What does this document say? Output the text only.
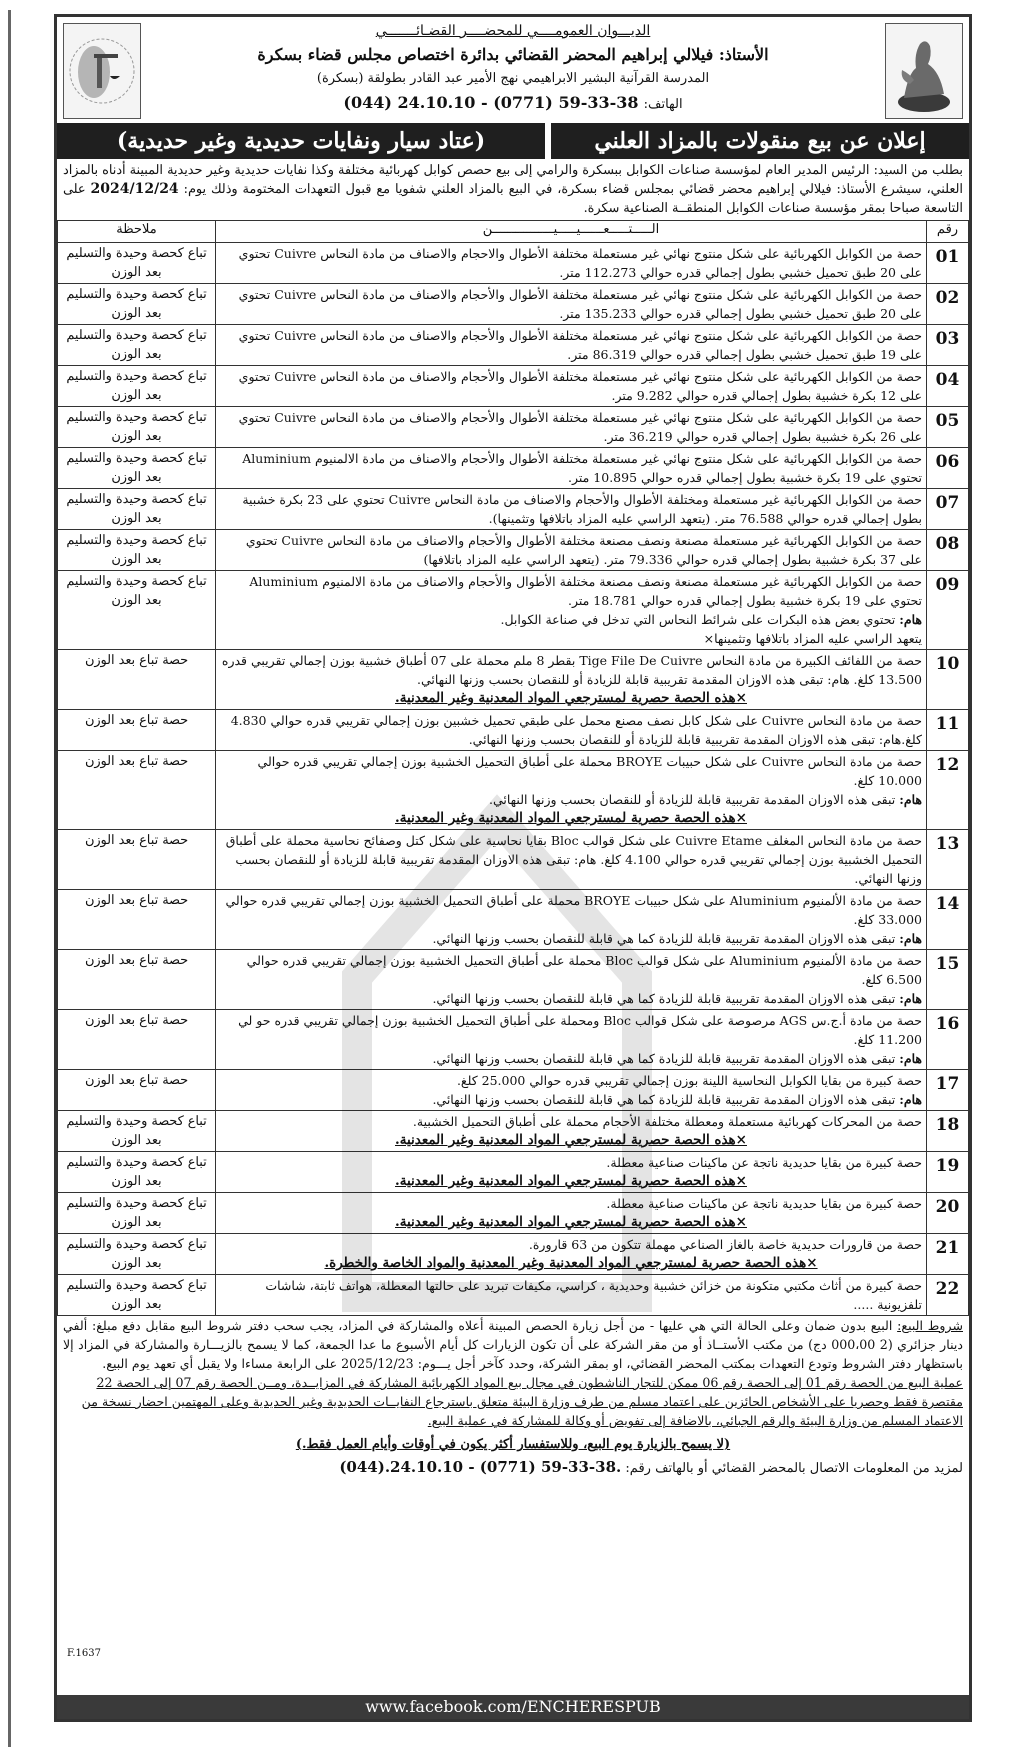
الديـــوان العمومــــي للمحضــــر القضـائـــــــي
الأستاذ: فيلالي إبراهيم المحضر القضائي بدائرة اختصاص مجلس قضاء بسكرة
المدرسة القرآنية البشير الابراهيمي نهج الأمير عبد القادر بطولقة (بسكرة)
الهاتف: (044) 24.10.10 - (0771) 59-33-38
إعلان عن بيع منقولات بالمزاد العلني
(عتاد سيار ونفايات حديدية وغير حديدية)
بطلب من السيد: الرئيس المدير العام لمؤسسة صناعات الكوابل ببسكرة والرامي إلى بيع حصص كوابل كهربائية مختلفة وكذا نفايات حديدية وغير حديدية المبينة أدناه بالمزاد العلني، سيشرع الأستاذ: فيلالي إبراهيم محضر قضائي بمجلس قضاء بسكرة، في البيع بالمزاد العلني شفويا مع قبول التعهدات المختومة وذلك يوم: 2024/12/24 على التاسعة صباحا بمقر مؤسسة صناعات الكوابل المنطقــة الصناعية سكرة.
رقم	الـــــتـــــعــــــيـــــيــــــــــــــــن	ملاحظة
01	حصة من الكوابل الكهربائية على شكل منتوج نهائي غير مستعملة مختلفة الأطوال والاحجام والاصناف من مادة النحاس Cuivre تحتوي على 20 طبق تحميل خشبي بطول إجمالي قدره حوالي 112.273 متر.	تباع كحصة وحيدة والتسليم بعد الوزن
02	حصة من الكوابل الكهربائية على شكل منتوج نهائي غير مستعملة مختلفة الأطوال والأحجام والاصناف من مادة النحاس Cuivre تحتوي على 20 طبق تحميل خشبي بطول إجمالي قدره حوالي 135.233 متر.	تباع كحصة وحيدة والتسليم بعد الوزن
03	حصة من الكوابل الكهربائية على شكل منتوج نهائي غير مستعملة مختلفة الأطوال والأحجام والاصناف من مادة النحاس Cuivre تحتوي على 19 طبق تحميل خشبي بطول إجمالي قدره حوالي 86.319 متر.	تباع كحصة وحيدة والتسليم بعد الوزن
04	حصة من الكوابل الكهربائية على شكل منتوج نهائي غير مستعملة مختلفة الأطوال والأحجام والاصناف من مادة النحاس Cuivre تحتوي على 12 بكرة خشبية بطول إجمالي قدره حوالي 9.282 متر.	تباع كحصة وحيدة والتسليم بعد الوزن
05	حصة من الكوابل الكهربائية على شكل منتوج نهائي غير مستعملة مختلفة الأطوال والأحجام والاصناف من مادة النحاس Cuivre تحتوي على 26 بكرة خشبية بطول إجمالي قدره حوالي 36.219 متر.	تباع كحصة وحيدة والتسليم بعد الوزن
06	حصة من الكوابل الكهربائية على شكل منتوج نهائي غير مستعملة مختلفة الأطوال والأحجام والاصناف من مادة الالمنيوم Aluminium تحتوي على 19 بكرة خشبية بطول إجمالي قدره حوالي 10.895 متر.	تباع كحصة وحيدة والتسليم بعد الوزن
07	حصة من الكوابل الكهربائية غير مستعملة ومختلفة الأطوال والأحجام والاصناف من مادة النحاس Cuivre تحتوي على 23 بكرة خشبية بطول إجمالي قدره حوالي 76.588 متر. (يتعهد الراسي عليه المزاد باتلافها وتثمينها).	تباع كحصة وحيدة والتسليم بعد الوزن
08	حصة من الكوابل الكهربائية غير مستعملة مصنعة ونصف مصنعة مختلفة الأطوال والأحجام والاصناف من مادة النحاس Cuivre تحتوي على 37 بكرة خشبية بطول إجمالي قدره حوالي 79.336 متر. (يتعهد الراسي عليه المزاد باتلافها)	تباع كحصة وحيدة والتسليم بعد الوزن
09	حصة من الكوابل الكهربائية غير مستعملة مصنعة ونصف مصنعة مختلفة الأطوال والأحجام والاصناف من مادة الالمنيوم Aluminium تحتوي على 19 بكرة خشبية بطول إجمالي قدره حوالي 18.781 متر.
هام: تحتوي بعض هذه البكرات على شرائط النحاس التي تدخل في صناعة الكوابل.
يتعهد الراسي عليه المزاد باتلافها وتثمينها×	تباع كحصة وحيدة والتسليم بعد الوزن
10	حصة من اللفائف الكبيرة من مادة النحاس Tige File De Cuivre بقطر 8 ملم محملة على 07 أطباق خشبية بوزن إجمالي تقريبي قدره 13.500 كلغ. هام: تبقى هذه الاوزان المقدمة تقريبية قابلة للزيادة أو للنقصان بحسب وزنها النهائي.
×هذه الحصة حصرية لمسترجعي المواد المعدنية وغير المعدنية.	حصة تباع بعد الوزن
11	حصة من مادة النحاس Cuivre على شكل كابل نصف مصنع محمل على طبقي تحميل خشبين بوزن إجمالي تقريبي قدره حوالي 4.830 كلغ.هام: تبقى هذه الاوزان المقدمة تقريبية قابلة للزيادة أو للنقصان بحسب وزنها النهائي.	حصة تباع بعد الوزن
12	حصة من مادة النحاس Cuivre على شكل حبيبات BROYE محملة على أطباق التحميل الخشبية بوزن إجمالي تقريبي قدره حوالي 10.000 كلغ.
هام: تبقى هذه الاوزان المقدمة تقريبية قابلة للزيادة أو للنقصان بحسب وزنها النهائي.
×هذه الحصة حصرية لمسترجعي المواد المعدنية وغير المعدنية.	حصة تباع بعد الوزن
13	حصة من مادة النحاس المغلف Cuivre Etame على شكل قوالب Bloc بقايا نحاسية على شكل كتل وصفائح نحاسية محملة على أطباق التحميل الخشبية بوزن إجمالي تقريبي قدره حوالي 4.100 كلغ. هام: تبقى هذه الاوزان المقدمة تقريبية قابلة للزيادة أو للنقصان بحسب وزنها النهائي.	حصة تباع بعد الوزن
14	حصة من مادة الألمنيوم Aluminium على شكل حبيبات BROYE محملة على أطباق التحميل الخشبية بوزن إجمالي تقريبي قدره حوالي 33.000 كلغ.
هام: تبقى هذه الاوزان المقدمة تقريبية قابلة للزيادة كما هي قابلة للنقصان بحسب وزنها النهائي.	حصة تباع بعد الوزن
15	حصة من مادة الألمنيوم Aluminium على شكل قوالب Bloc محملة على أطباق التحميل الخشبية بوزن إجمالي تقريبي قدره حوالي 6.500 كلغ.
هام: تبقى هذه الاوزان المقدمة تقريبية قابلة للزيادة كما هي قابلة للنقصان بحسب وزنها النهائي.	حصة تباع بعد الوزن
16	حصة من مادة أ.ج.س AGS مرصوصة على شكل قوالب Bloc ومحملة على أطباق التحميل الخشبية بوزن إجمالي تقريبي قدره حو لي 11.200 كلغ.
هام: تبقى هذه الاوزان المقدمة تقريبية قابلة للزيادة كما هي قابلة للنقصان بحسب وزنها النهائي.	حصة تباع بعد الوزن
17	حصة كبيرة من بقايا الكوابل النحاسية اللينة بوزن إجمالي تقريبي قدره حوالي 25.000 كلغ.
هام: تبقى هذه الاوزان المقدمة تقريبية قابلة للزيادة كما هي قابلة للنقصان بحسب وزنها النهائي.	حصة تباع بعد الوزن
18	حصة من المحركات كهربائية مستعملة ومعطلة مختلفة الأحجام محملة على أطباق التحميل الخشبية.
×هذه الحصة حصرية لمسترجعي المواد المعدنية وغير المعدنية.	تباع كحصة وحيدة والتسليم بعد الوزن
19	حصة كبيرة من بقايا حديدية ناتجة عن ماكينات صناعية معطلة.
×هذه الحصة حصرية لمسترجعي المواد المعدنية وغير المعدنية.	تباع كحصة وحيدة والتسليم بعد الوزن
20	حصة كبيرة من بقايا حديدية ناتجة عن ماكينات صناعية معطلة.
×هذه الحصة حصرية لمسترجعي المواد المعدنية وغير المعدنية.	تباع كحصة وحيدة والتسليم بعد الوزن
21	حصة من قارورات حديدية خاصة بالغاز الصناعي مهملة تتكون من 63 قارورة.
×هذه الحصة حصرية لمسترجعي المواد المعدنية وغير المعدنية والمواد الخاصة والخطرة.	تباع كحصة وحيدة والتسليم بعد الوزن
22	حصة كبيرة من أثاث مكتبي متكونة من خزائن خشبية وحديدية ، كراسي، مكيفات تبريد على حالتها المعطلة، هواتف ثابتة، شاشات تلفزيونية .....	تباع كحصة وحيدة والتسليم بعد الوزن
شروط البيع: البيع بدون ضمان وعلى الحالة التي هي عليها - من أجل زيارة الحصص المبينة أعلاه والمشاركة في المزاد، يجب سحب دفتر شروط البيع مقابل دفع مبلغ: ألفي دينار جزائري (2 000،00 دج) من مكتب الأستــاذ أو من مقر الشركة على أن تكون الزيارات كل أيام الأسبوع ما عدا الجمعة، كما لا يسمح بالزيـــارة والمشاركة في المزاد إلا باستظهار دفتر الشروط وتودع التعهدات بمكتب المحضر القضائي، او بمقر الشركة، وحدد كآخر أجل يـــوم: 2025/12/23 على الرابعة مساءا ولا يقبل أي تعهد يوم البيع.
عملية البيع من الحصة رقم 01 إلى الحصة رقم 06 ممكن للتجار الناشطون في مجال بيع المواد الكهربائية المشاركة في المزايــدة، ومــن الحصة رقم 07 إلى الحصة 22 مقتصرة فقط وحصريا على الأشخاص الحائزين على اعتماد مسلم من طرف وزارة البيئة متعلق باسترجاع النفايــات الحديدية وغير الحديدية وعلى المهتمين احضار نسخة من الاعتماد المسلم من وزارة البيئة والرقم الجبائي، بالاضافة إلى تفويض أو وكالة للمشاركة في عملية البيع.
(لا يسمح بالزيارة يوم البيع، وللاستفسار أكثر يكون في أوقات وأيام العمل فقط.)
لمزيد من المعلومات الاتصال بالمحضر القضائي أو بالهاتف رقم: (044).24.10.10 - (0771) 59-33-38.
F.1637
www.facebook.com/ENCHERESPUB
